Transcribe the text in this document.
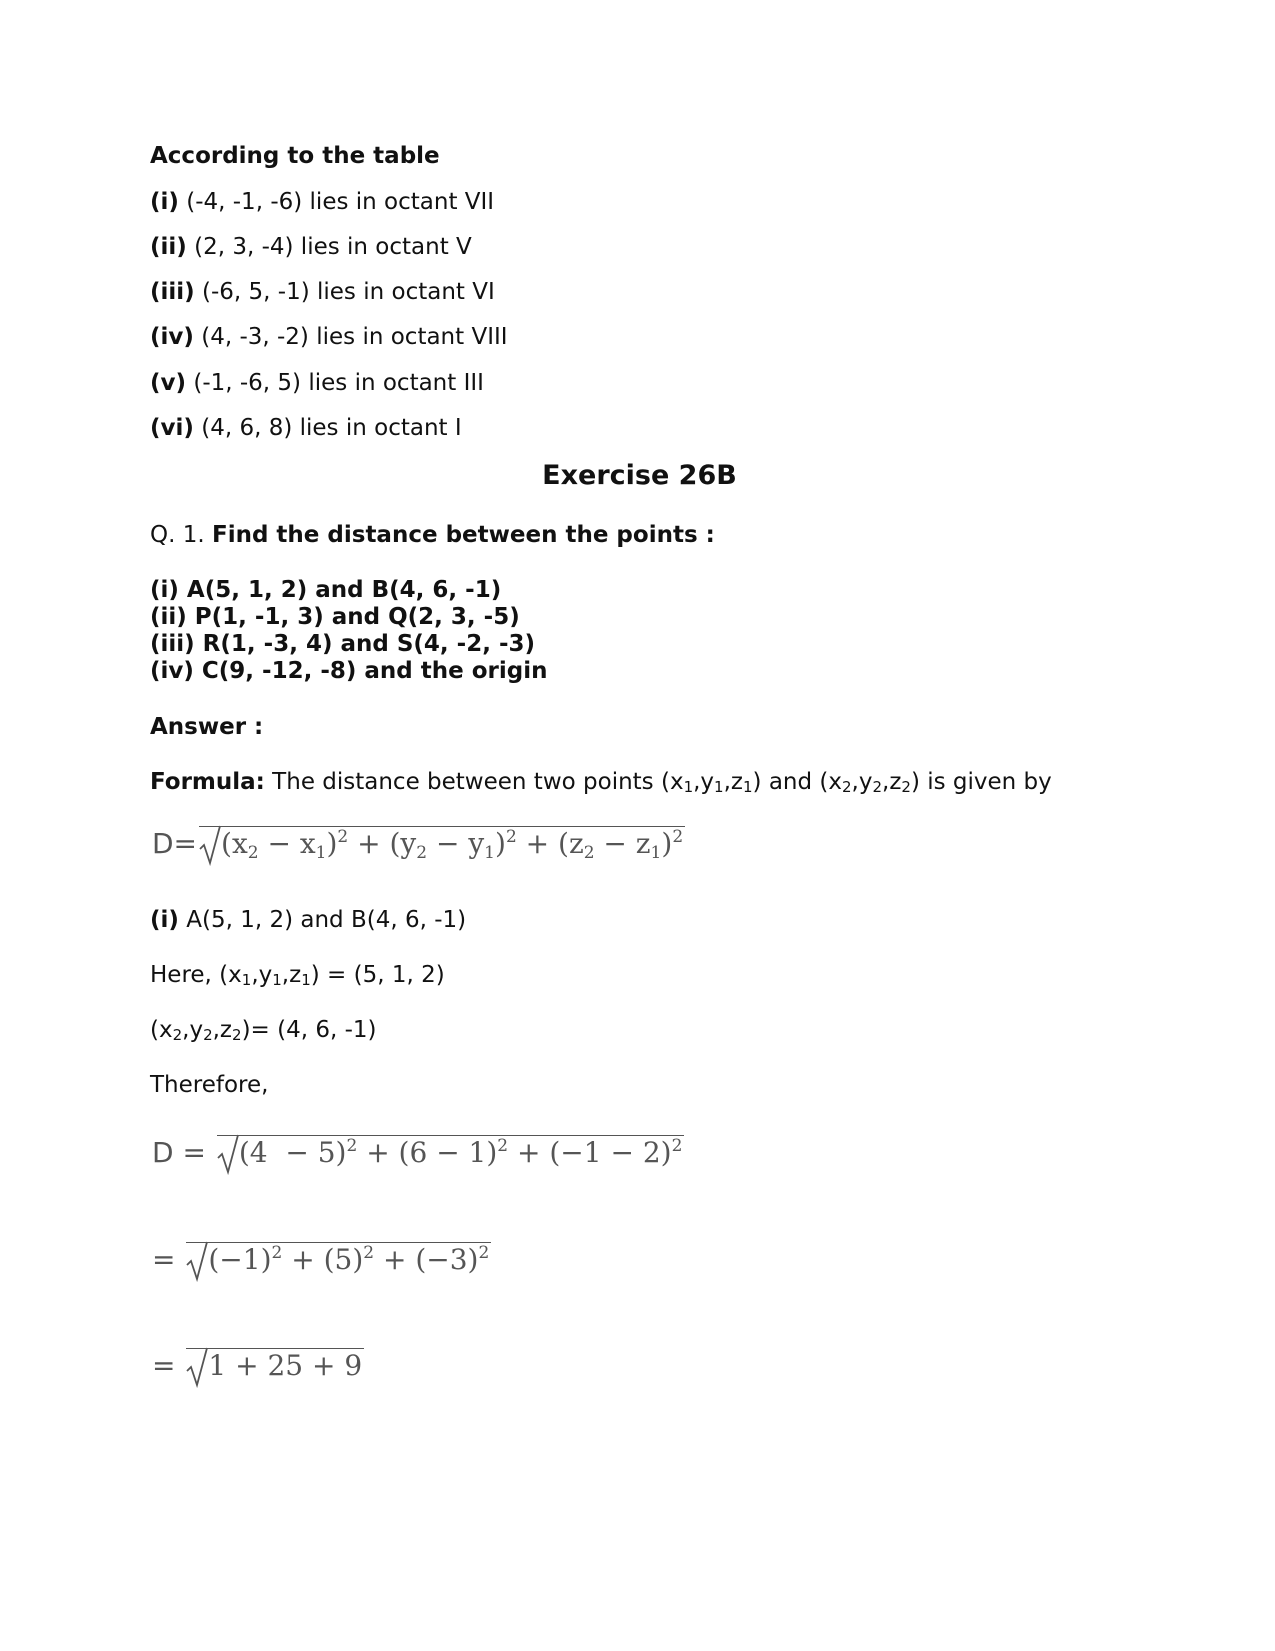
According to the table
(i) (-4, -1, -6) lies in octant VII
(ii) (2, 3, -4) lies in octant V
(iii) (-6, 5, -1) lies in octant VI
(iv) (4, -3, -2) lies in octant VIII
(v) (-1, -6, 5) lies in octant III
(vi) (4, 6, 8) lies in octant I
Exercise 26B
Q. 1. Find the distance between the points :
(i) A(5, 1, 2) and B(4, 6, -1)
(ii) P(1, -1, 3) and Q(2, 3, -5)
(iii) R(1, -3, 4) and S(4, -2, -3)
(iv) C(9, -12, -8) and the origin
Answer :
Formula: The distance between two points $(x_1,y_1,z_1)$ and $(x_2,y_2,z_2)$ is given by
$D= (x_2 - x_1)^2 + (y_2 - y_1)^2 + (z_2 - z_1)^2$
(i) A(5, 1, 2) and B(4, 6, -1)
Here, $(x_1,y_1,z_1) = (5$, 1, 2)
$(x_2,y_2,z_2)= (4$, 6, -1)
Therefore,
D =
$(4 - 5)^2 + (6 - 1)^2 + (-1 - 2)^2$
=
$(-1)^2 + (5)^2 + (-3)^2$
=
1 + 25 + 9
